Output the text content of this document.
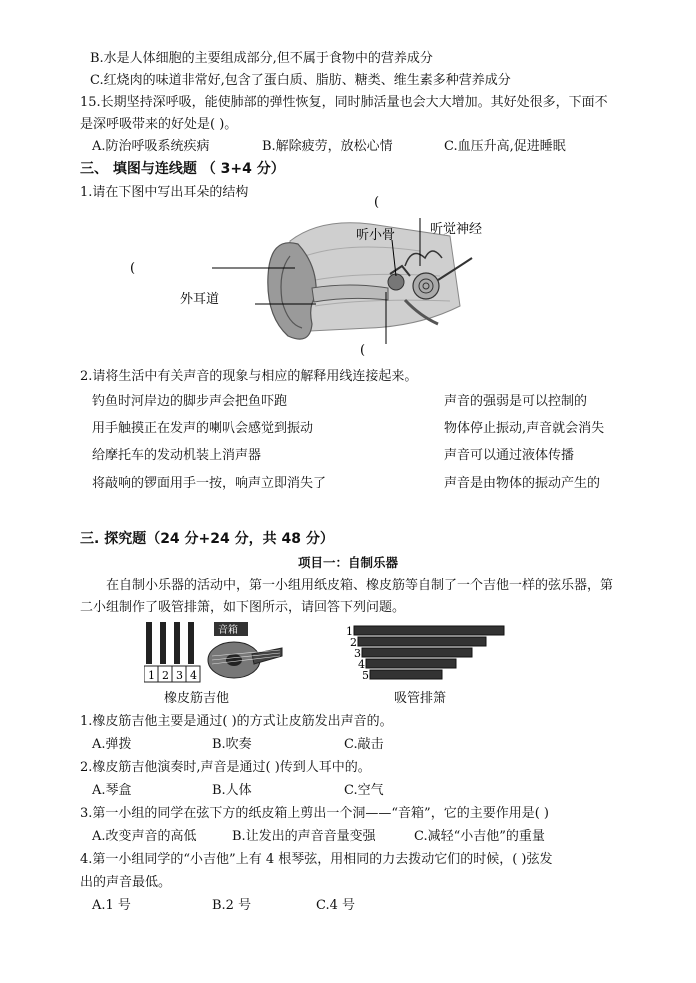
B.水是人体细胞的主要组成部分,但不属于食物中的营养成分
C.红烧肉的味道非常好,包含了蛋白质、脂肪、糖类、维生素多种营养成分
15.长期坚持深呼吸，能使肺部的弹性恢复，同时肺活量也会大大增加。其好处很多，下面不
是深呼吸带来的好处是( )。
A.防治呼吸系统疾病	B.解除疲劳，放松心情	C.血压升高,促进睡眠
三、 填图与连线题 （ 3+4 分）
1.请在下图中写出耳朵的结构
(
听小骨	听觉神经
(
外耳道
(
2.请将生活中有关声音的现象与相应的解释用线连接起来。
钓鱼时河岸边的脚步声会把鱼吓跑
用手触摸正在发声的喇叭会感觉到振动
给摩托车的发动机装上消声器
将敲响的锣面用手一按，响声立即消失了
声音的强弱是可以控制的
物体停止振动,声音就会消失
声音可以通过液体传播
声音是由物体的振动产生的
三. 探究题（24 分+24 分，共 48 分）
项目一：自制乐器
在自制小乐器的活动中，第一小组用纸皮箱、橡皮筋等自制了一个吉他一样的弦乐器，第
二小组制作了吸管排箫，如下图所示，请回答下列问题。
1 2 3 4
音箱	1
2
3
4
5
橡皮筋吉他	吸管排箫
1.橡皮筋吉他主要是通过( )的方式让皮筋发出声音的。
A.弹拨	B.吹奏	C.敲击
2.橡皮筋吉他演奏时,声音是通过( )传到人耳中的。
A.琴盒	B.人体	C.空气
3.第一小组的同学在弦下方的纸皮箱上剪出一个洞——“音箱”，它的主要作用是( )
A.改变声音的高低	B.让发出的声音音量变强	C.减轻“小吉他”的重量
4.第一小组同学的“小吉他”上有 4 根琴弦，用相同的力去拨动它们的时候，( )弦发
出的声音最低。
A.1 号	B.2 号	C.4 号
